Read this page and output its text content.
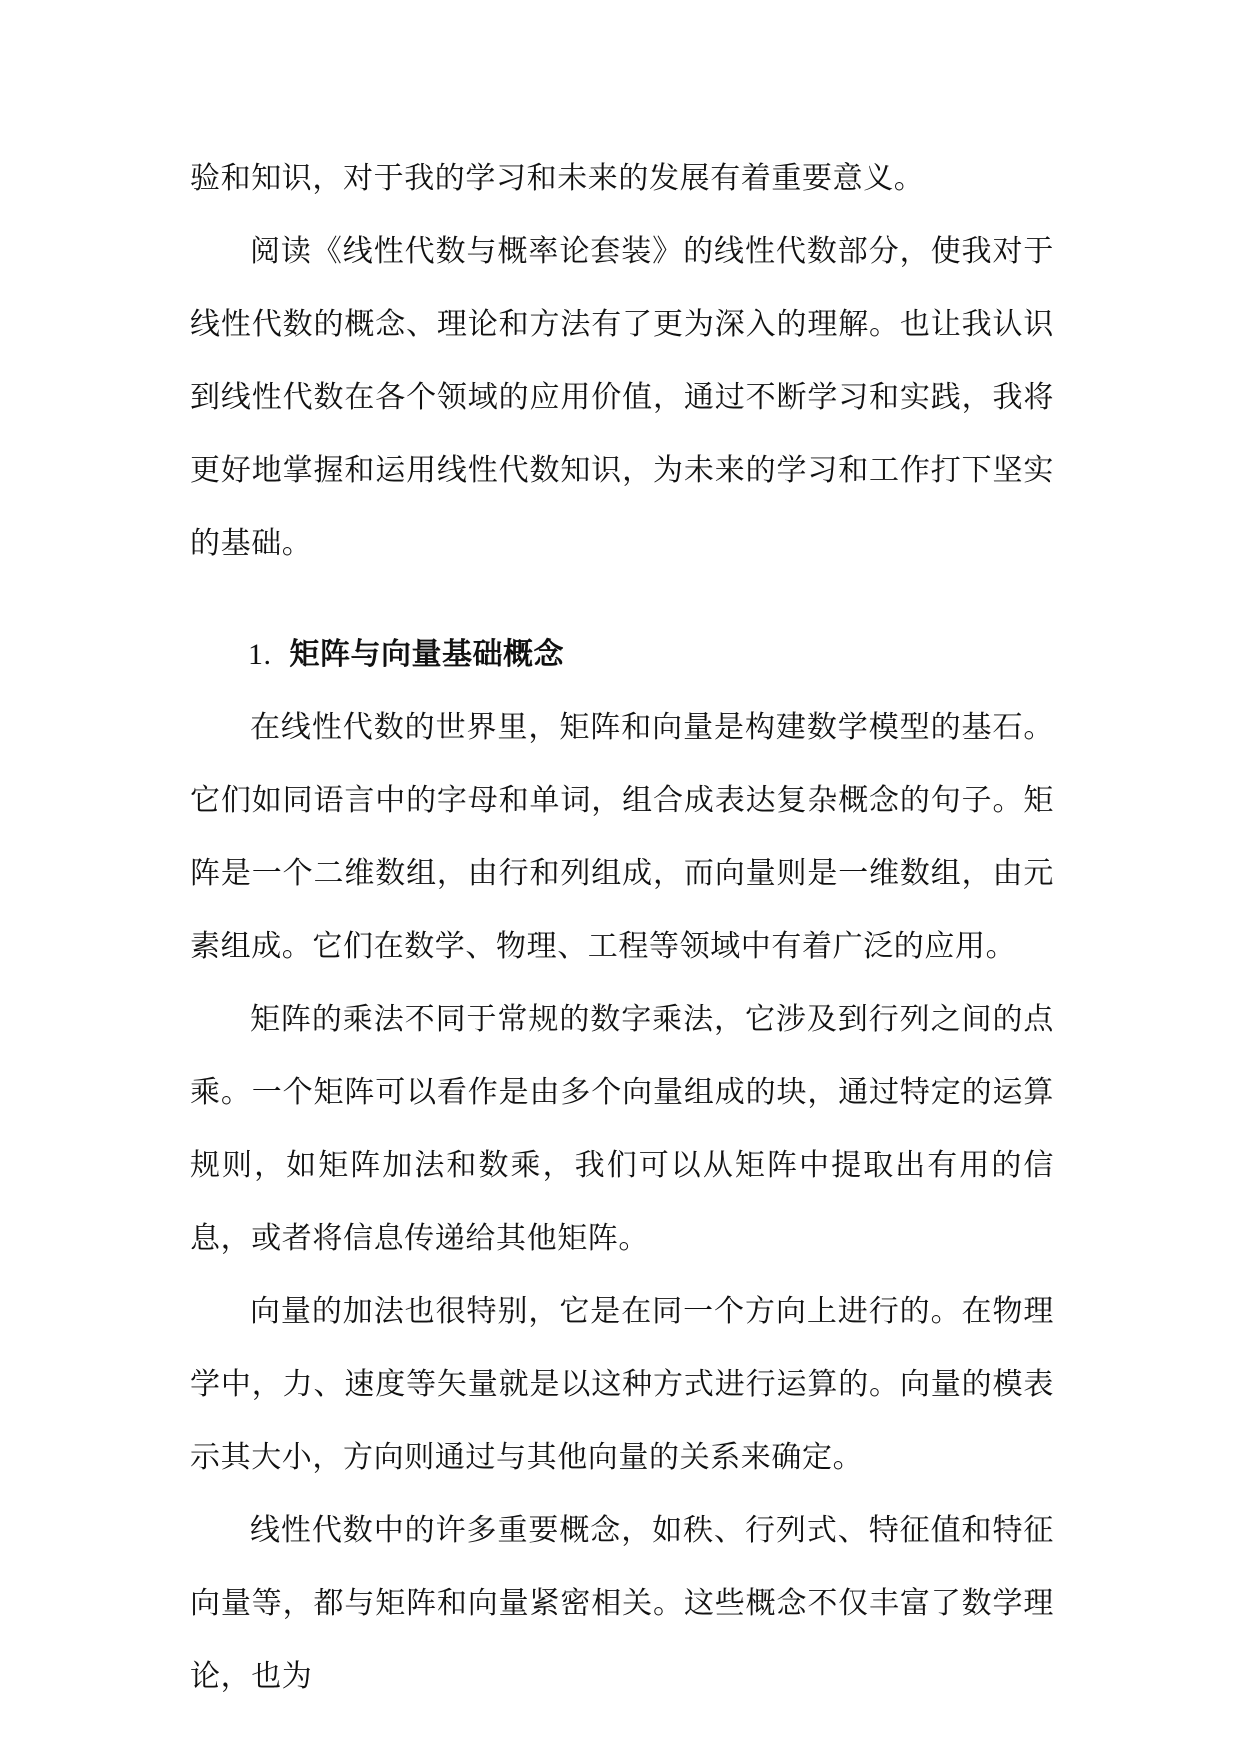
验和知识，对于我的学习和未来的发展有着重要意义。

阅读《线性代数与概率论套装》的线性代数部分，使我对于线性代数的概念、理论和方法有了更为深入的理解。也让我认识到线性代数在各个领域的应用价值，通过不断学习和实践，我将更好地掌握和运用线性代数知识，为未来的学习和工作打下坚实的基础。

1. 矩阵与向量基础概念

在线性代数的世界里，矩阵和向量是构建数学模型的基石。它们如同语言中的字母和单词，组合成表达复杂概念的句子。矩阵是一个二维数组，由行和列组成，而向量则是一维数组，由元素组成。它们在数学、物理、工程等领域中有着广泛的应用。

矩阵的乘法不同于常规的数字乘法，它涉及到行列之间的点乘。一个矩阵可以看作是由多个向量组成的块，通过特定的运算规则，如矩阵加法和数乘，我们可以从矩阵中提取出有用的信息，或者将信息传递给其他矩阵。

向量的加法也很特别，它是在同一个方向上进行的。在物理学中，力、速度等矢量就是以这种方式进行运算的。向量的模表示其大小，方向则通过与其他向量的关系来确定。

线性代数中的许多重要概念，如秩、行列式、特征值和特征向量等，都与矩阵和向量紧密相关。这些概念不仅丰富了数学理论，也为
